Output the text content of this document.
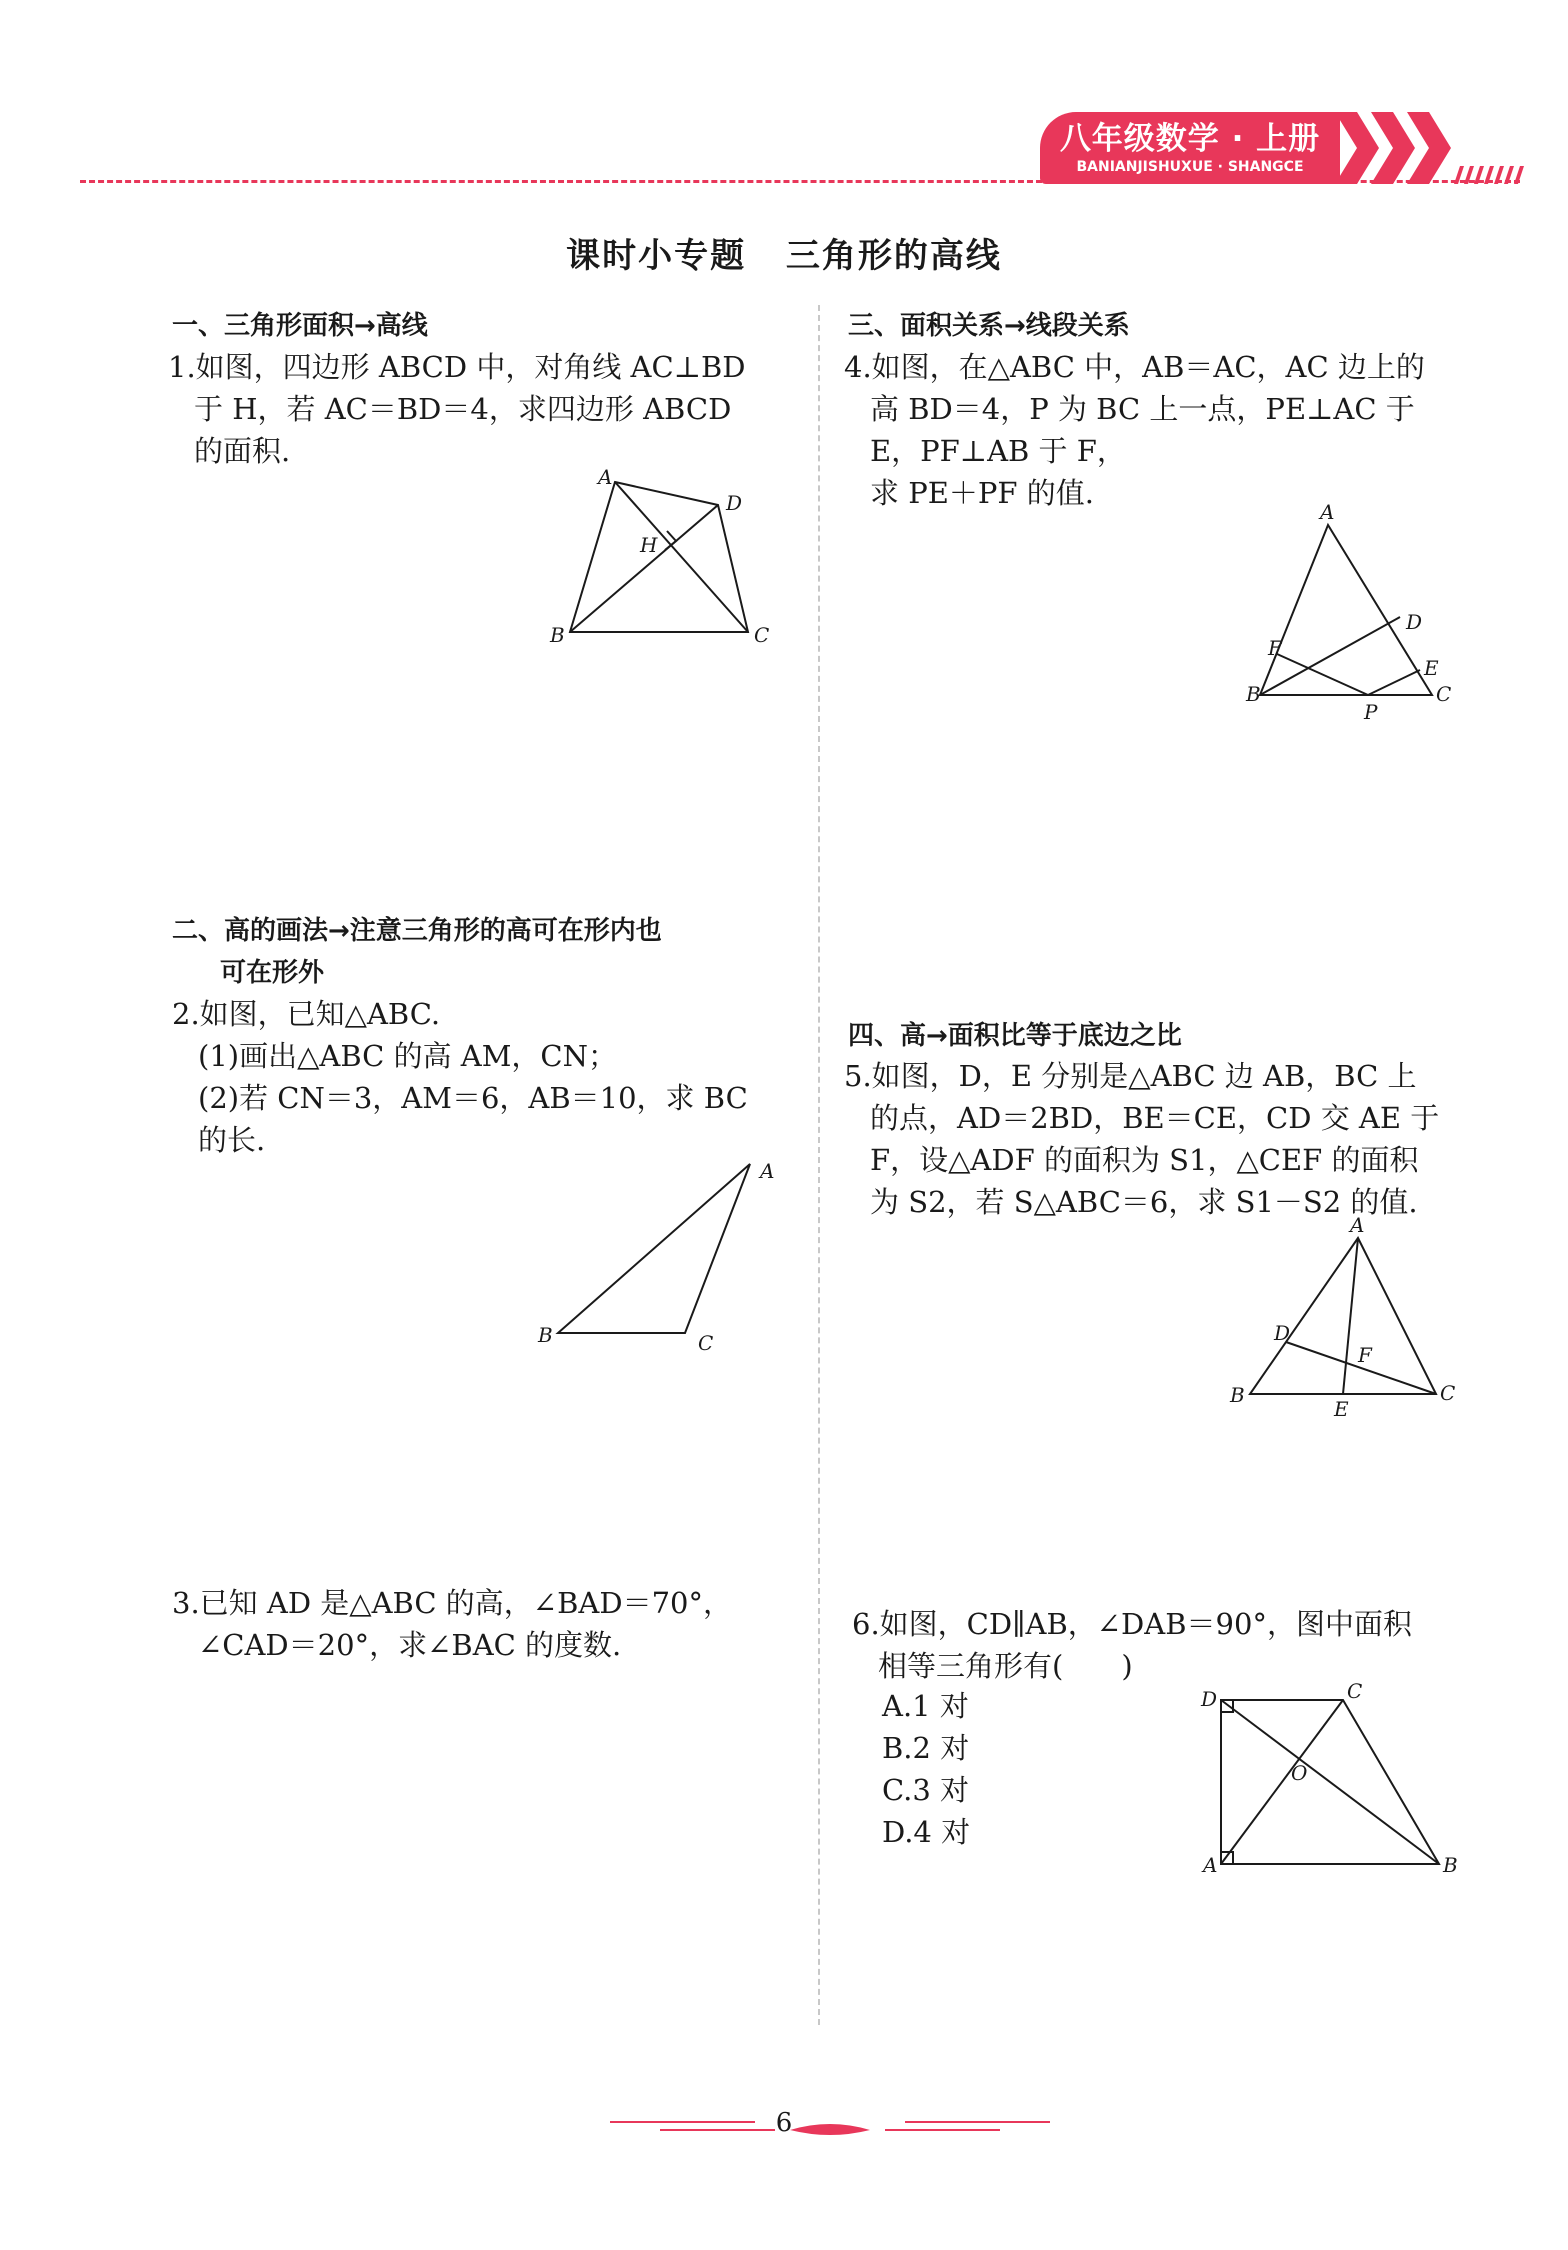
八年级数学 · 上册
BANIANJISHUXUE · SHANGCE
课时小专题 三角形的高线
一、三角形面积→高线

1.如图，四边形 ABCD 中，对角线 AC⊥BD

于 H，若 AC＝BD＝4，求四边形 ABCD

的面积.

A
D
H
B	C
二、高的画法→注意三角形的高可在形内也
可在形外

2.如图，已知△ABC.

(1)画出△ABC 的高 AM，CN；

(2)若 CN＝3，AM＝6，AB＝10，求 BC

的长.

A
B	C

3.已知 AD 是△ABC 的高，∠BAD＝70°，

∠CAD＝20°，求∠BAC 的度数.

三、面积关系→线段关系

4.如图，在△ABC 中，AB＝AC，AC 边上的

高 BD＝4，P 为 BC 上一点，PE⊥AC 于

E，PF⊥AB 于 F，

求 PE＋PF 的值.

A
D
F
E
B
P
C
四、高→面积比等于底边之比

5.如图，D，E 分别是△ABC 边 AB，BC 上

的点，AD＝2BD，BE＝CE，CD 交 AE 于

F，设△ADF 的面积为 S1，△CEF 的面积

为 S2，若 S△ABC＝6，求 S1－S2 的值.

A
D
F
B
E
C

6.如图，CD∥AB，∠DAB＝90°，图中面积

相等三角形有(　　)

A.1 对

B.2 对

C.3 对

D.4 对

D	C
O
A	B
6
